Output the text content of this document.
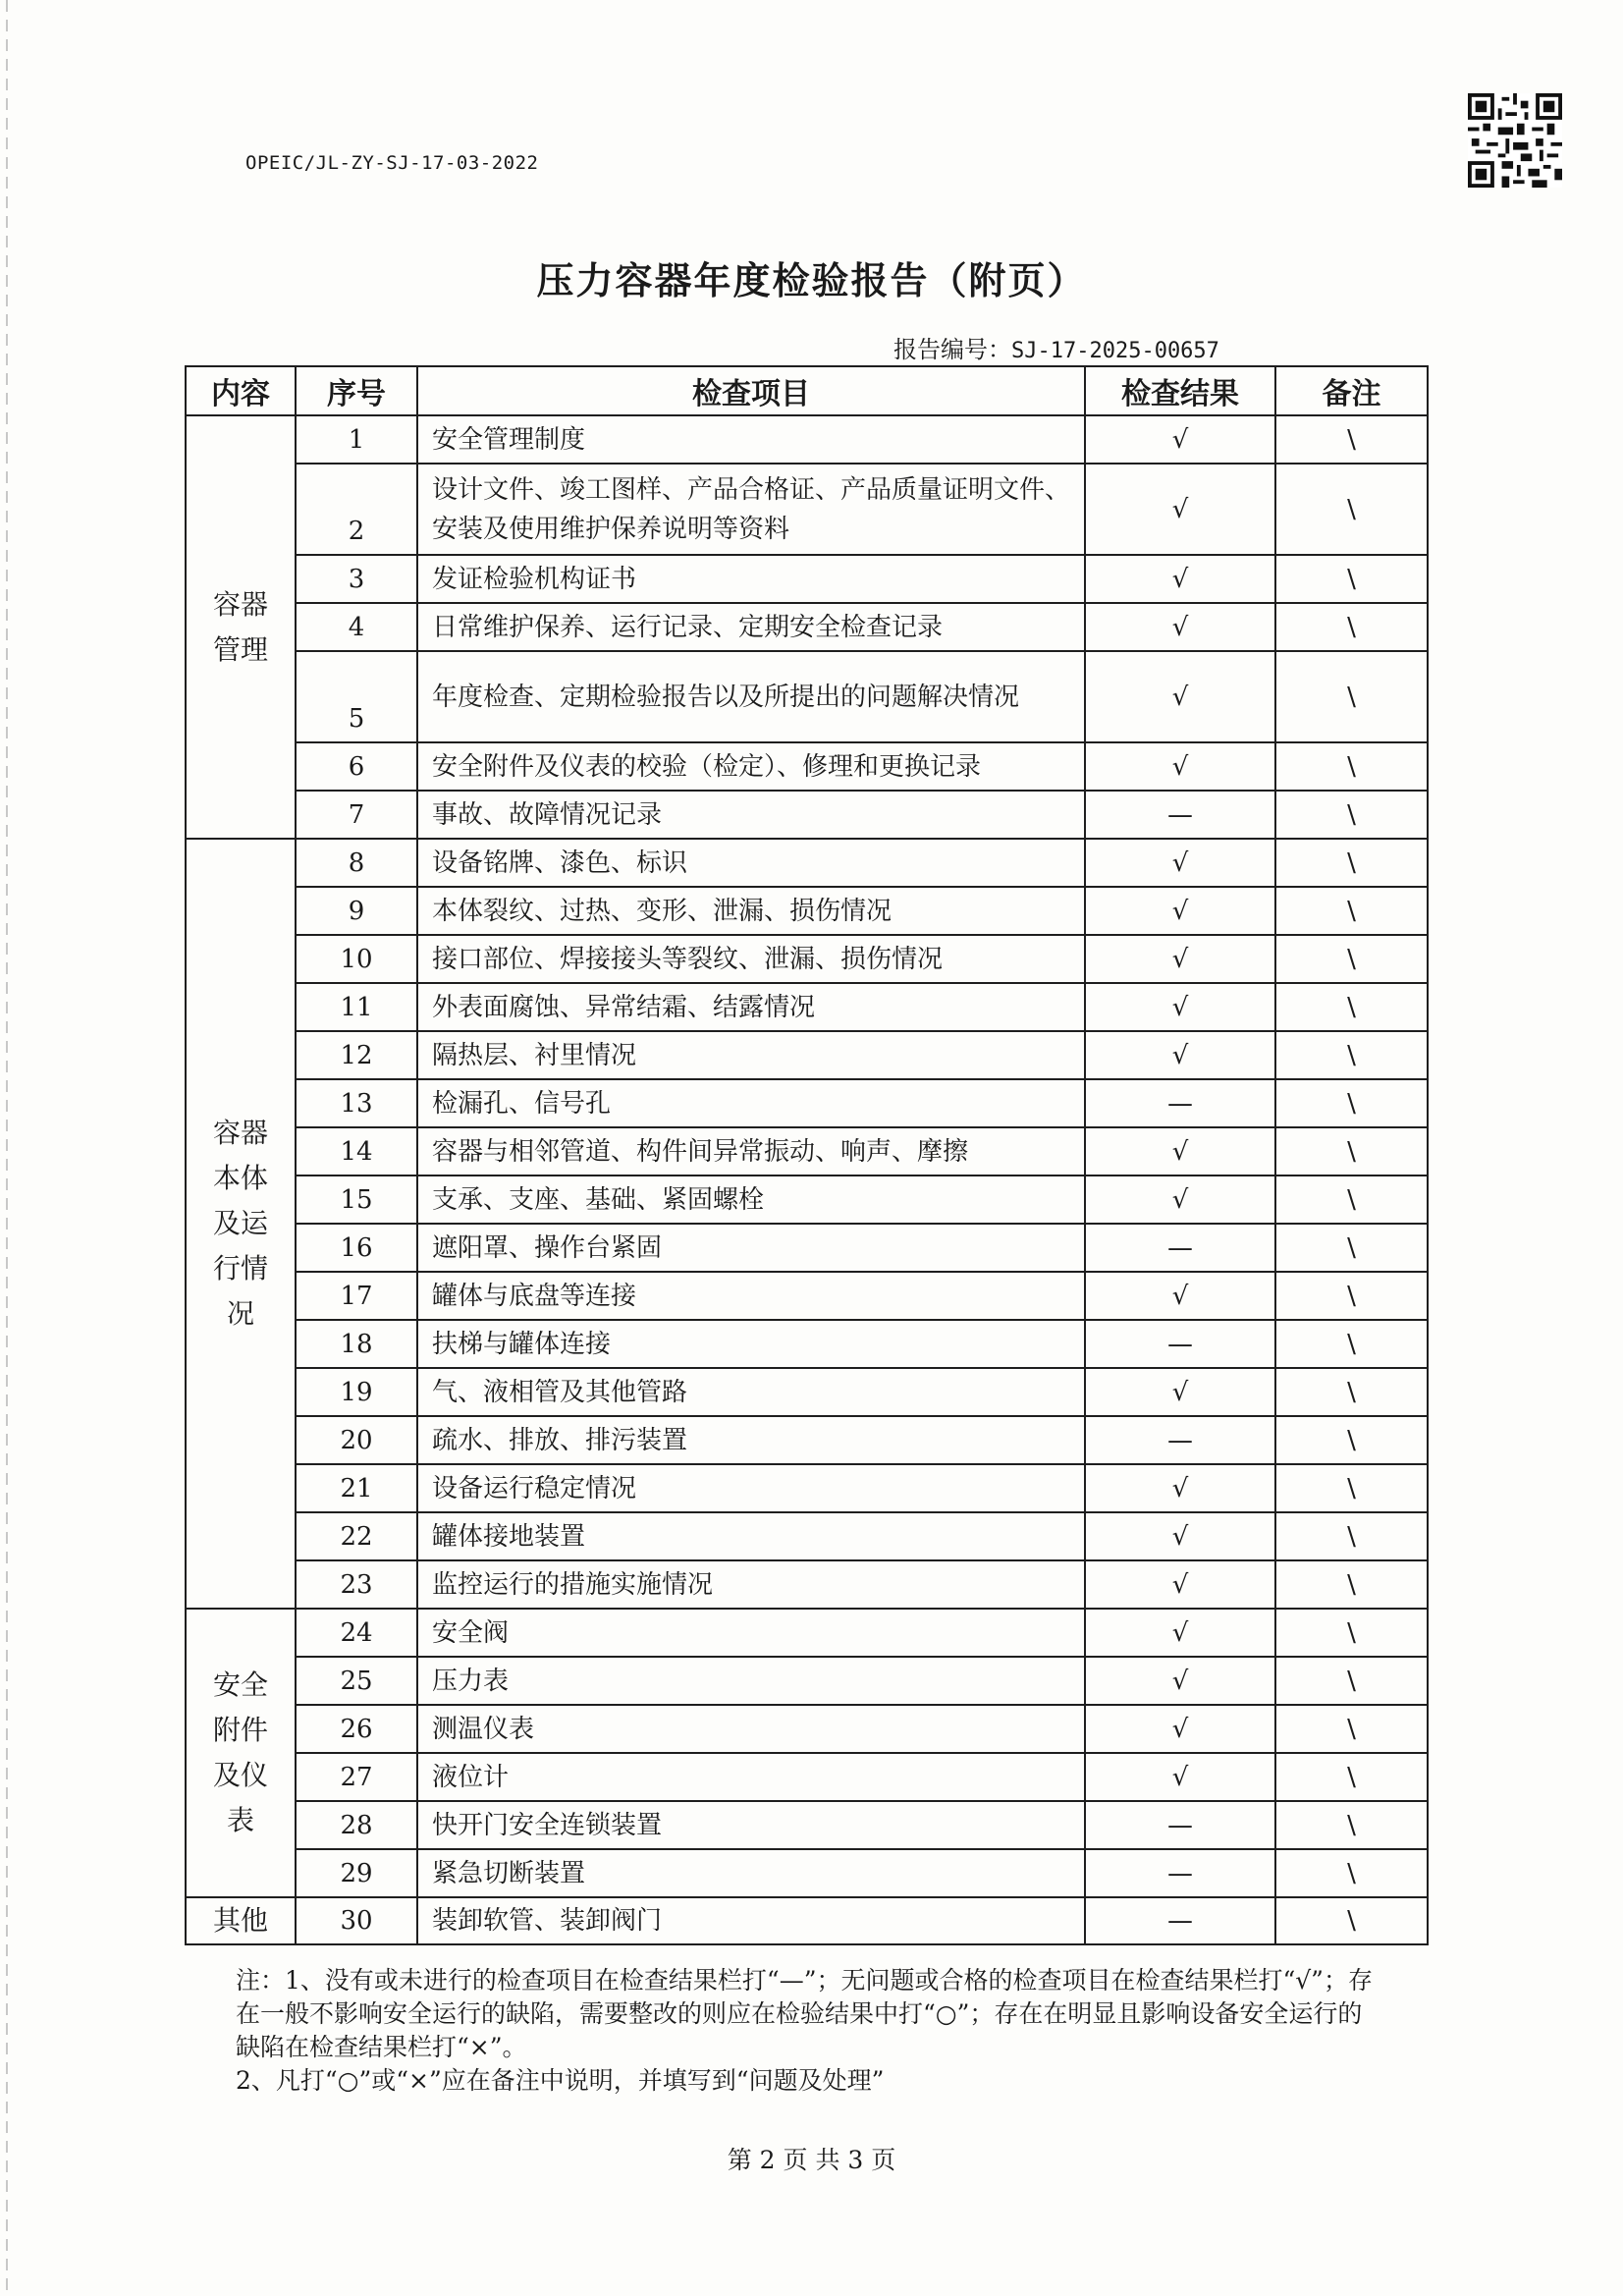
OPEIC/JL-ZY-SJ-17-03-2022
压力容器年度检验报告（附页）
报告编号：SJ-17-2025-00657
内容	序号	检查项目	检查结果	备注
容器管理	1	安全管理制度	√	\
	2	设计文件、竣工图样、产品合格证、产品质量证明文件、安装及使用维护保养说明等资料	√	\
	3	发证检验机构证书	√	\
	4	日常维护保养、运行记录、定期安全检查记录	√	\
	5	年度检查、定期检验报告以及所提出的问题解决情况	√	\
	6	安全附件及仪表的校验（检定）、修理和更换记录	√	\
	7	事故、故障情况记录	—	\
容器本体及运行情况	8	设备铭牌、漆色、标识	√	\
	9	本体裂纹、过热、变形、泄漏、损伤情况	√	\
	10	接口部位、焊接接头等裂纹、泄漏、损伤情况	√	\
	11	外表面腐蚀、异常结霜、结露情况	√	\
	12	隔热层、衬里情况	√	\
	13	检漏孔、信号孔	—	\
	14	容器与相邻管道、构件间异常振动、响声、摩擦	√	\
	15	支承、支座、基础、紧固螺栓	√	\
	16	遮阳罩、操作台紧固	—	\
	17	罐体与底盘等连接	√	\
	18	扶梯与罐体连接	—	\
	19	气、液相管及其他管路	√	\
	20	疏水、排放、排污装置	—	\
	21	设备运行稳定情况	√	\
	22	罐体接地装置	√	\
	23	监控运行的措施实施情况	√	\
安全附件及仪表	24	安全阀	√	\
	25	压力表	√	\
	26	测温仪表	√	\
	27	液位计	√	\
	28	快开门安全连锁装置	—	\
	29	紧急切断装置	—	\
其他	30	装卸软管、装卸阀门	—	\

注：1、没有或未进行的检查项目在检查结果栏打“—”；无问题或合格的检查项目在检查结果栏打“√”；存在一般不影响安全运行的缺陷，需要整改的则应在检验结果中打“○”；存在在明显且影响设备安全运行的缺陷在检查结果栏打“×”。

2、凡打“○”或“×”应在备注中说明，并填写到“问题及处理”

第 2 页 共 3 页
